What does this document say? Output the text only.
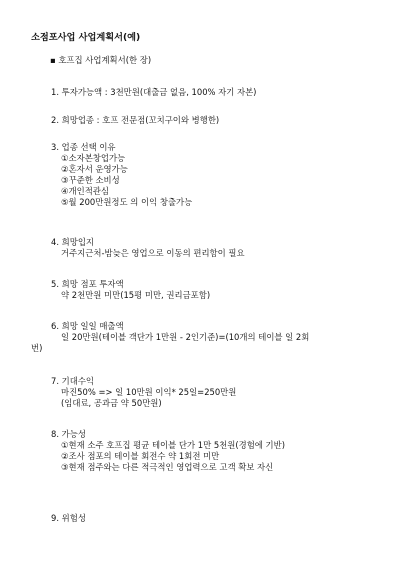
소점포사업 사업계획서(예)
▪ 호프집 사업계획서(한 장)
1. 투자가능액 : 3천만원(대출금 없음, 100% 자기 자본)
2. 희망업종 : 호프 전문점(꼬치구이와 병행한)
3. 업종 선택 이유
①소자본창업가능
②혼자서 운영가능
③꾸준한 소비성
④개인적관심
⑤월 200만원정도 의 이익 창출가능
4. 희망입지
거주지근처-밤늦은 영업으로 이동의 편리함이 필요
5. 희망 점포 투자액
약 2천만원 미만(15평 미만, 권리금포함)
6. 희망 일일 매출액
일 20만원(테이블 객단가 1만원 - 2인기준)=(10개의 테이블 일 2회
번)
7. 기대수익
마진50% => 일 10만원 이익* 25일=250만원
(임대료, 공과금 약 50만원)
8. 가능성
①현재 소주 호프집 평균 테이블 단가 1만 5천원(경험에 기반)
②조사 점포의 테이블 회전수 약 1회전 미만
③현재 점주와는 다른 적극적인 영업력으로 고객 확보 자신
9. 위험성
